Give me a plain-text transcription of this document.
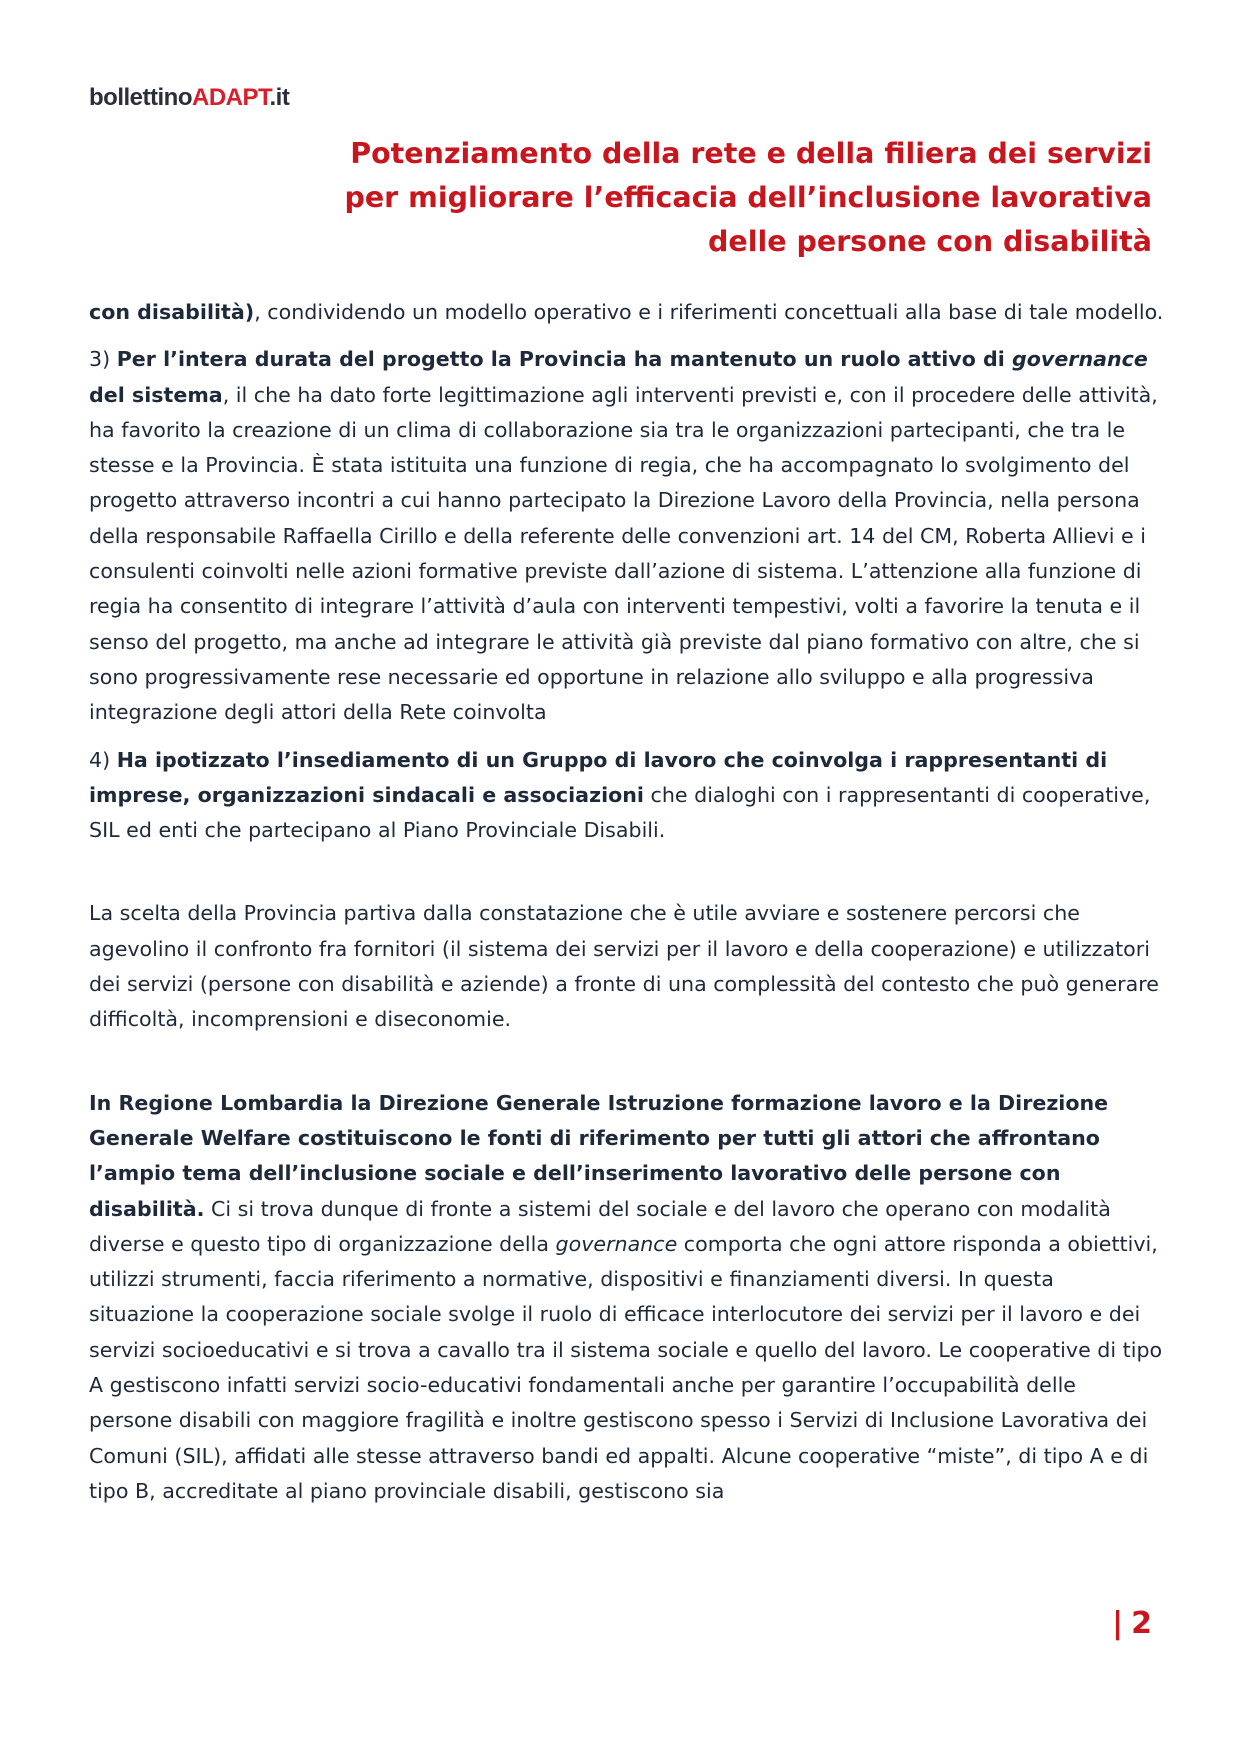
bollettinoADAPT.it
Potenziamento della rete e della filiera dei servizi
per migliorare l’efficacia dell’inclusione lavorativa
delle persone con disabilità

con disabilità), condividendo un modello operativo e i riferimenti concettuali alla base di tale modello.

3) Per l’intera durata del progetto la Provincia ha mantenuto un ruolo attivo di governance del sistema, il che ha dato forte legittimazione agli interventi previsti e, con il procedere delle attività, ha favorito la creazione di un clima di collaborazione sia tra le organizzazioni partecipanti, che tra le stesse e la Provincia. È stata istituita una funzione di regia, che ha accompagnato lo svolgimento del progetto attraverso incontri a cui hanno partecipato la Direzione Lavoro della Provincia, nella persona della responsabile Raffaella Cirillo e della referente delle convenzioni art. 14 del CM, Roberta Allievi e i consulenti coinvolti nelle azioni formative previste dall’azione di sistema. L’attenzione alla funzione di regia ha consentito di integrare l’attività d’aula con interventi tempestivi, volti a favorire la tenuta e il senso del progetto, ma anche ad integrare le attività già previste dal piano formativo con altre, che si sono progressivamente rese necessarie ed opportune in relazione allo sviluppo e alla progressiva integrazione degli attori della Rete coinvolta

4) Ha ipotizzato l’insediamento di un Gruppo di lavoro che coinvolga i rappresentanti di imprese, organizzazioni sindacali e associazioni che dialoghi con i rappresentanti di cooperative, SIL ed enti che partecipano al Piano Provinciale Disabili.

La scelta della Provincia partiva dalla constatazione che è utile avviare e sostenere percorsi che agevolino il confronto fra fornitori (il sistema dei servizi per il lavoro e della cooperazione) e utilizzatori dei servizi (persone con disabilità e aziende) a fronte di una complessità del contesto che può generare difficoltà, incomprensioni e diseconomie.

In Regione Lombardia la Direzione Generale Istruzione formazione lavoro e la Direzione Generale Welfare costituiscono le fonti di riferimento per tutti gli attori che affrontano l’ampio tema dell’inclusione sociale e dell’inserimento lavorativo delle persone con disabilità. Ci si trova dunque di fronte a sistemi del sociale e del lavoro che operano con modalità diverse e questo tipo di organizzazione della governance comporta che ogni attore risponda a obiettivi, utilizzi strumenti, faccia riferimento a normative, dispositivi e finanziamenti diversi. In questa situazione la cooperazione sociale svolge il ruolo di efficace interlocutore dei servizi per il lavoro e dei servizi socioeducativi e si trova a cavallo tra il sistema sociale e quello del lavoro. Le cooperative di tipo A gestiscono infatti servizi socio-educativi fondamentali anche per garantire l’occupabilità delle persone disabili con maggiore fragilità e inoltre gestiscono spesso i Servizi di Inclusione Lavorativa dei Comuni (SIL), affidati alle stesse attraverso bandi ed appalti. Alcune cooperative “miste”, di tipo A e di tipo B, accreditate al piano provinciale disabili, gestiscono sia

| 2
